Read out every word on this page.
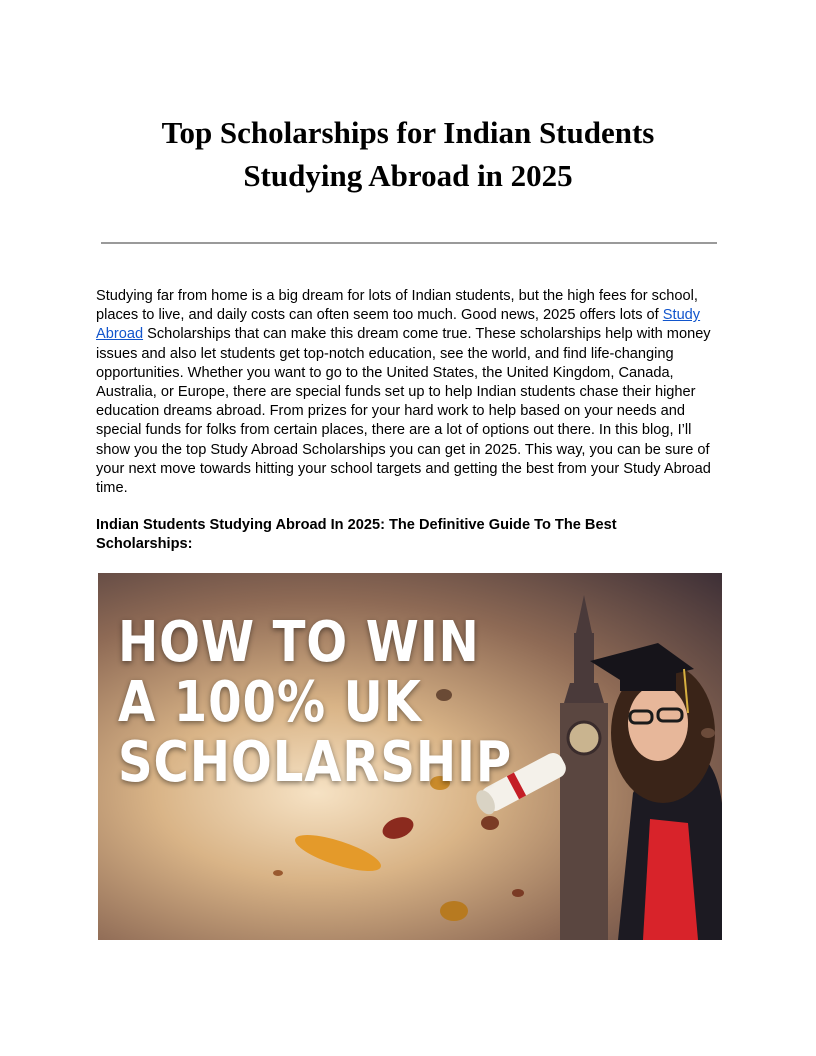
Top Scholarships for Indian Students
Studying Abroad in 2025

Studying far from home is a big dream for lots of Indian students, but the high fees for school, places to live, and daily costs can often seem too much. Good news, 2025 offers lots of Study Abroad Scholarships that can make this dream come true. These scholarships help with money issues and also let students get top-notch education, see the world, and find life-changing opportunities. Whether you want to go to the United States, the United Kingdom, Canada, Australia, or Europe, there are special funds set up to help Indian students chase their higher education dreams abroad. From prizes for your hard work to help based on your needs and special funds for folks from certain places, there are a lot of options out there. In this blog, I’ll show you the top Study Abroad Scholarships you can get in 2025. This way, you can be sure of your next move towards hitting your school targets and getting the best from your Study Abroad time.

Indian Students Studying Abroad In 2025: The Definitive Guide To The Best Scholarships:

HOW TO WIN
A 100% UK
SCHOLARSHIP
